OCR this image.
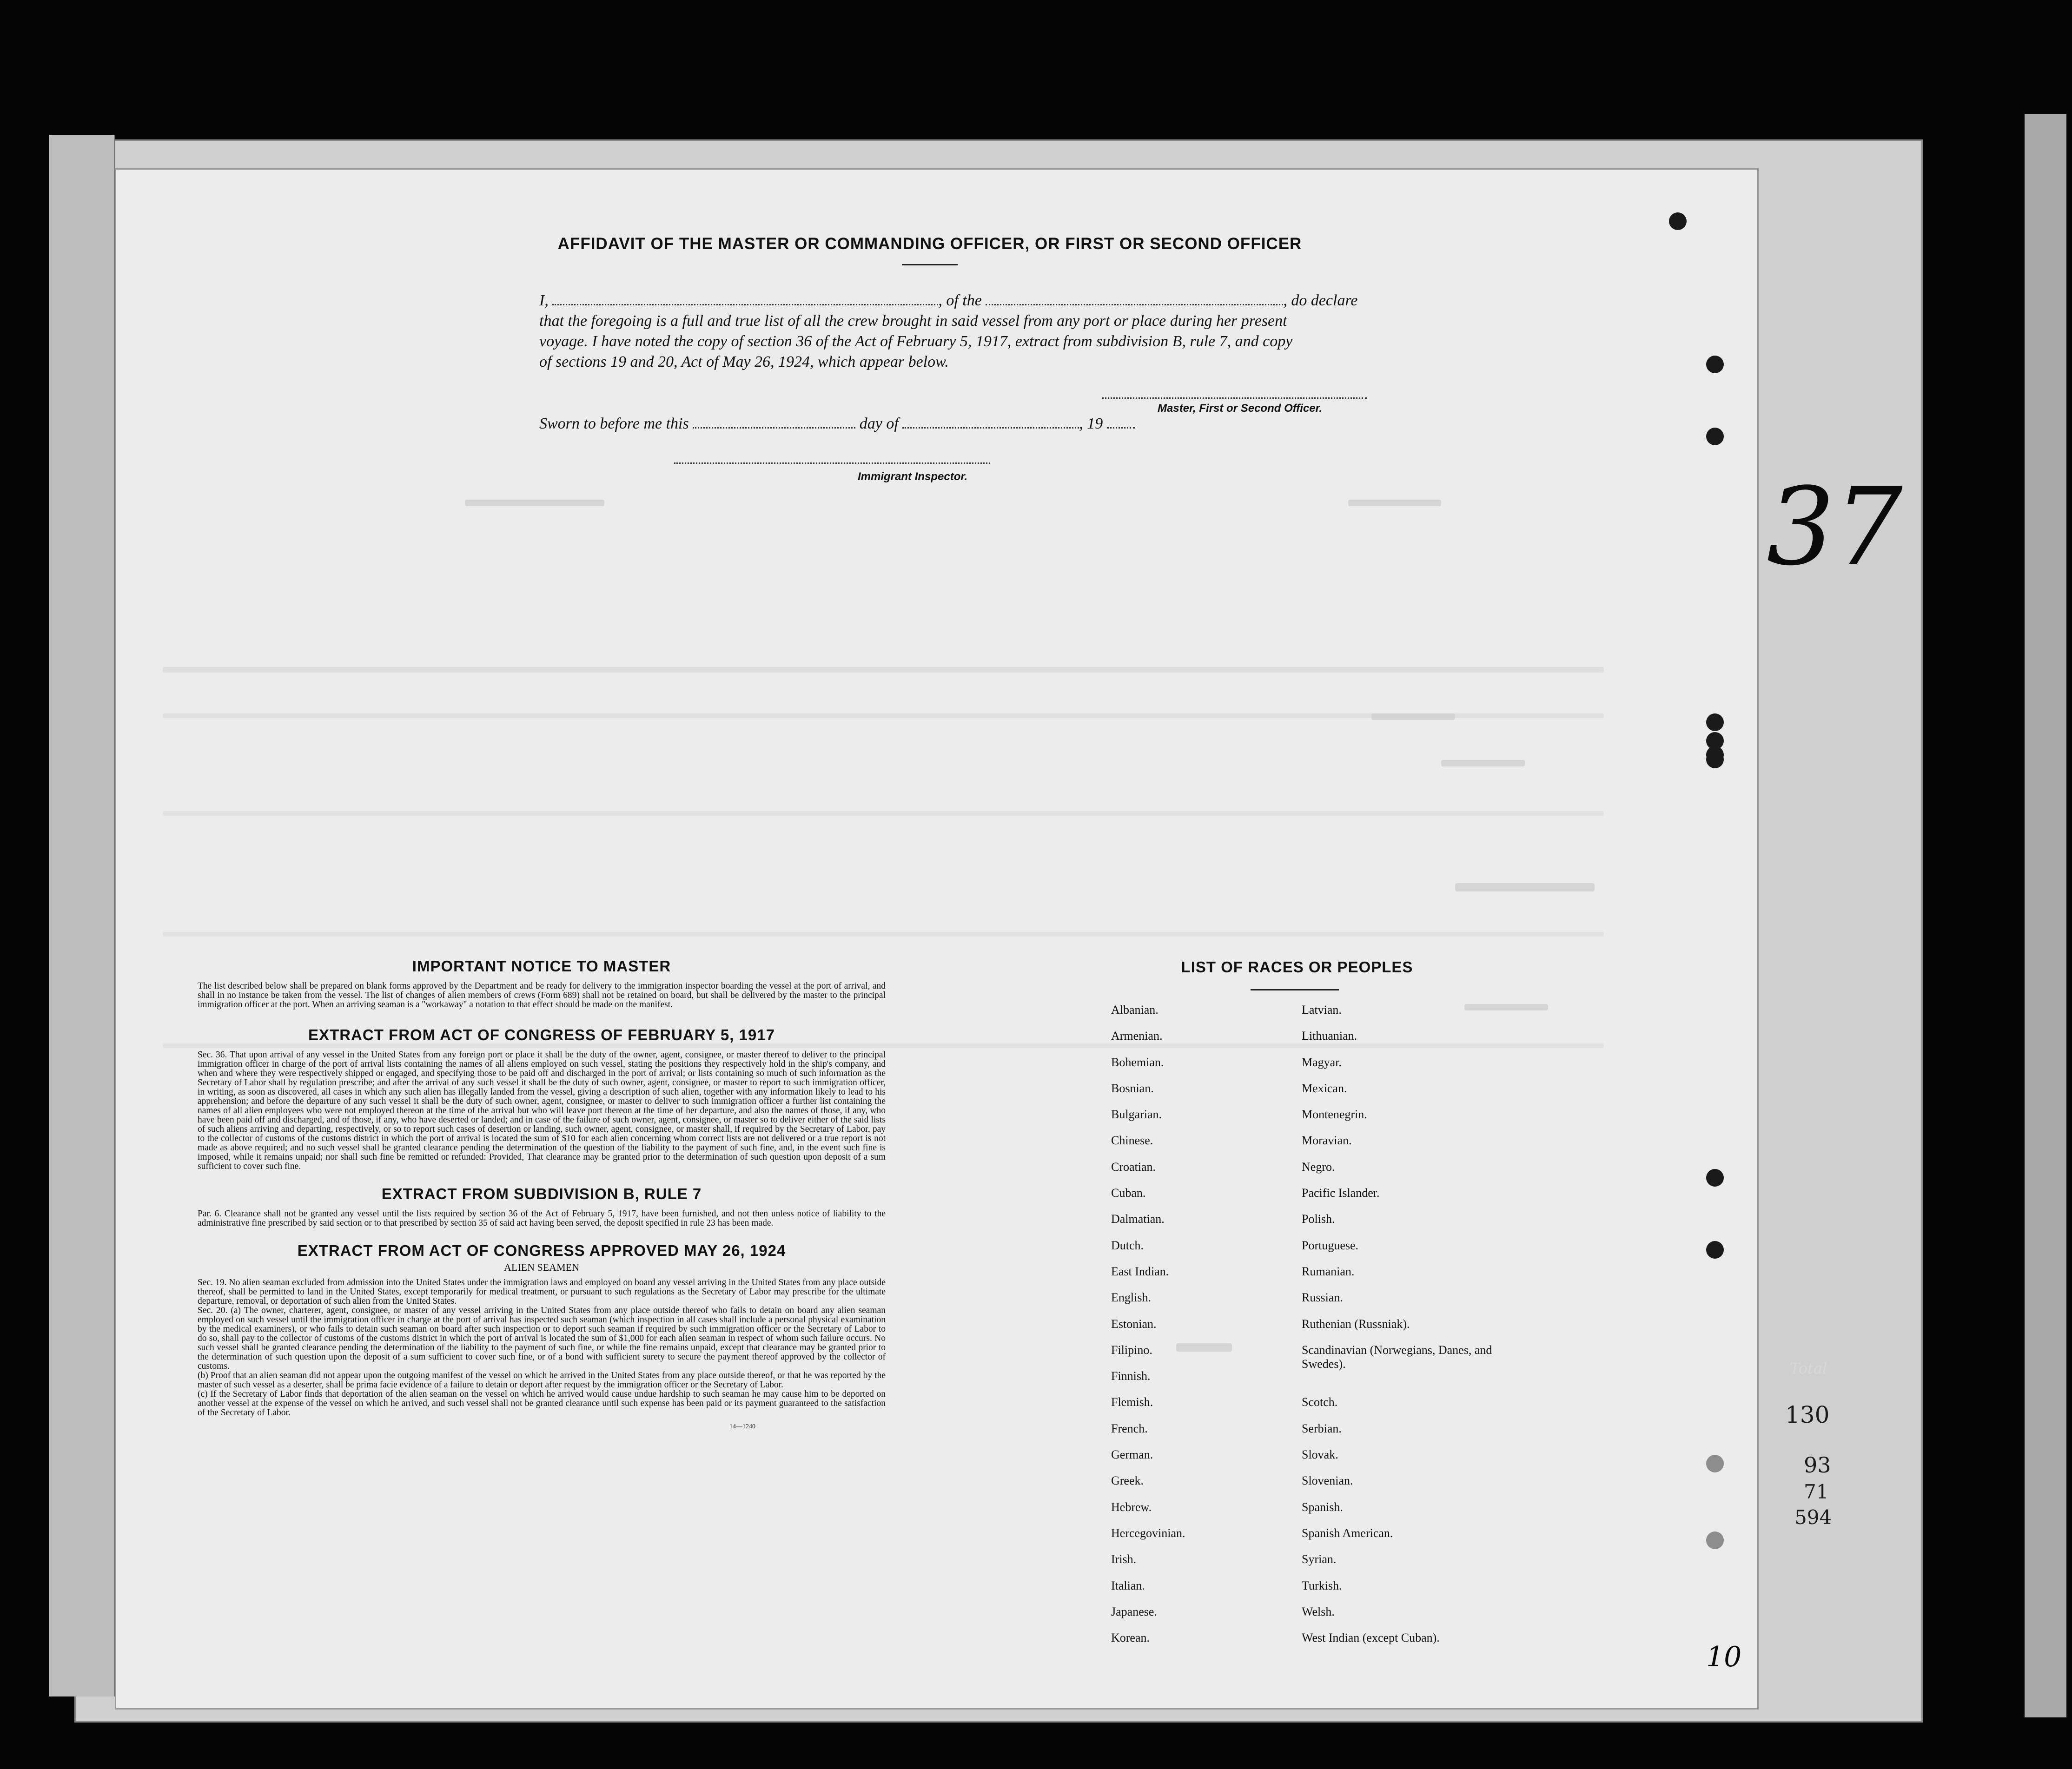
37
Total
130
93
71
594
AFFIDAVIT OF THE MASTER OR COMMANDING OFFICER, OR FIRST OR SECOND OFFICER
I,	, of the	, do declare
that the foregoing is a full and true list of all the crew brought in said vessel from any port or place during her present
voyage. I have noted the copy of section 36 of the Act of February 5, 1917, extract from subdivision B, rule 7, and copy
of sections 19 and 20, Act of May 26, 1924, which appear below.
Master, First or Second Officer.
Sworn to before me this	day of	, 19
Immigrant Inspector.
IMPORTANT NOTICE TO MASTER

The list described below shall be prepared on blank forms approved by the Department and be ready for delivery to the immigration inspector boarding the vessel at the port of arrival, and shall in no instance be taken from the vessel. The list of changes of alien members of crews (Form 689) shall not be retained on board, but shall be delivered by the master to the principal immigration officer at the port. When an arriving seaman is a "workaway" a notation to that effect should be made on the manifest.

EXTRACT FROM ACT OF CONGRESS OF FEBRUARY 5, 1917

Sec. 36. That upon arrival of any vessel in the United States from any foreign port or place it shall be the duty of the owner, agent, consignee, or master thereof to deliver to the principal immigration officer in charge of the port of arrival lists containing the names of all aliens employed on such vessel, stating the positions they respectively hold in the ship's company, and when and where they were respectively shipped or engaged, and specifying those to be paid off and discharged in the port of arrival; or lists containing so much of such information as the Secretary of Labor shall by regulation prescribe; and after the arrival of any such vessel it shall be the duty of such owner, agent, consignee, or master to report to such immigration officer, in writing, as soon as discovered, all cases in which any such alien has illegally landed from the vessel, giving a description of such alien, together with any information likely to lead to his apprehension; and before the departure of any such vessel it shall be the duty of such owner, agent, consignee, or master to deliver to such immigration officer a further list containing the names of all alien employees who were not employed thereon at the time of the arrival but who will leave port thereon at the time of her departure, and also the names of those, if any, who have been paid off and discharged, and of those, if any, who have deserted or landed; and in case of the failure of such owner, agent, consignee, or master so to deliver either of the said lists of such aliens arriving and departing, respectively, or so to report such cases of desertion or landing, such owner, agent, consignee, or master shall, if required by the Secretary of Labor, pay to the collector of customs of the customs district in which the port of arrival is located the sum of $10 for each alien concerning whom correct lists are not delivered or a true report is not made as above required; and no such vessel shall be granted clearance pending the determination of the question of the liability to the payment of such fine, and, in the event such fine is imposed, while it remains unpaid; nor shall such fine be remitted or refunded: Provided, That clearance may be granted prior to the determination of such question upon deposit of a sum sufficient to cover such fine.

EXTRACT FROM SUBDIVISION B, RULE 7

Par. 6. Clearance shall not be granted any vessel until the lists required by section 36 of the Act of February 5, 1917, have been furnished, and not then unless notice of liability to the administrative fine prescribed by said section or to that prescribed by section 35 of said act having been served, the deposit specified in rule 23 has been made.

EXTRACT FROM ACT OF CONGRESS APPROVED MAY 26, 1924
ALIEN SEAMEN

Sec. 19. No alien seaman excluded from admission into the United States under the immigration laws and employed on board any vessel arriving in the United States from any place outside thereof, shall be permitted to land in the United States, except temporarily for medical treatment, or pursuant to such regulations as the Secretary of Labor may prescribe for the ultimate departure, removal, or deportation of such alien from the United States.

Sec. 20. (a) The owner, charterer, agent, consignee, or master of any vessel arriving in the United States from any place outside thereof who fails to detain on board any alien seaman employed on such vessel until the immigration officer in charge at the port of arrival has inspected such seaman (which inspection in all cases shall include a personal physical examination by the medical examiners), or who fails to detain such seaman on board after such inspection or to deport such seaman if required by such immigration officer or the Secretary of Labor to do so, shall pay to the collector of customs of the customs district in which the port of arrival is located the sum of $1,000 for each alien seaman in respect of whom such failure occurs. No such vessel shall be granted clearance pending the determination of the liability to the payment of such fine, or while the fine remains unpaid, except that clearance may be granted prior to the determination of such question upon the deposit of a sum sufficient to cover such fine, or of a bond with sufficient surety to secure the payment thereof approved by the collector of customs.

(b) Proof that an alien seaman did not appear upon the outgoing manifest of the vessel on which he arrived in the United States from any place outside thereof, or that he was reported by the master of such vessel as a deserter, shall be prima facie evidence of a failure to detain or deport after request by the immigration officer or the Secretary of Labor.

(c) If the Secretary of Labor finds that deportation of the alien seaman on the vessel on which he arrived would cause undue hardship to such seaman he may cause him to be deported on another vessel at the expense of the vessel on which he arrived, and such vessel shall not be granted clearance until such expense has been paid or its payment guaranteed to the satisfaction of the Secretary of Labor.

14—1240
LIST OF RACES OR PEOPLES
Albanian.	Latvian.
Armenian.	Lithuanian.
Bohemian.	Magyar.
Bosnian.	Mexican.
Bulgarian.	Montenegrin.
Chinese.	Moravian.
Croatian.	Negro.
Cuban.	Pacific Islander.
Dalmatian.	Polish.
Dutch.	Portuguese.
East Indian.	Rumanian.
English.	Russian.
Estonian.	Ruthenian (Russniak).
Filipino.	Scandinavian (Norwegians, Danes, and Swedes).
Finnish.
Flemish.	Scotch.
French.	Serbian.
German.	Slovak.
Greek.	Slovenian.
Hebrew.	Spanish.
Hercegovinian.	Spanish American.
Irish.	Syrian.
Italian.	Turkish.
Japanese.	Welsh.
Korean.	West Indian (except Cuban).
10
